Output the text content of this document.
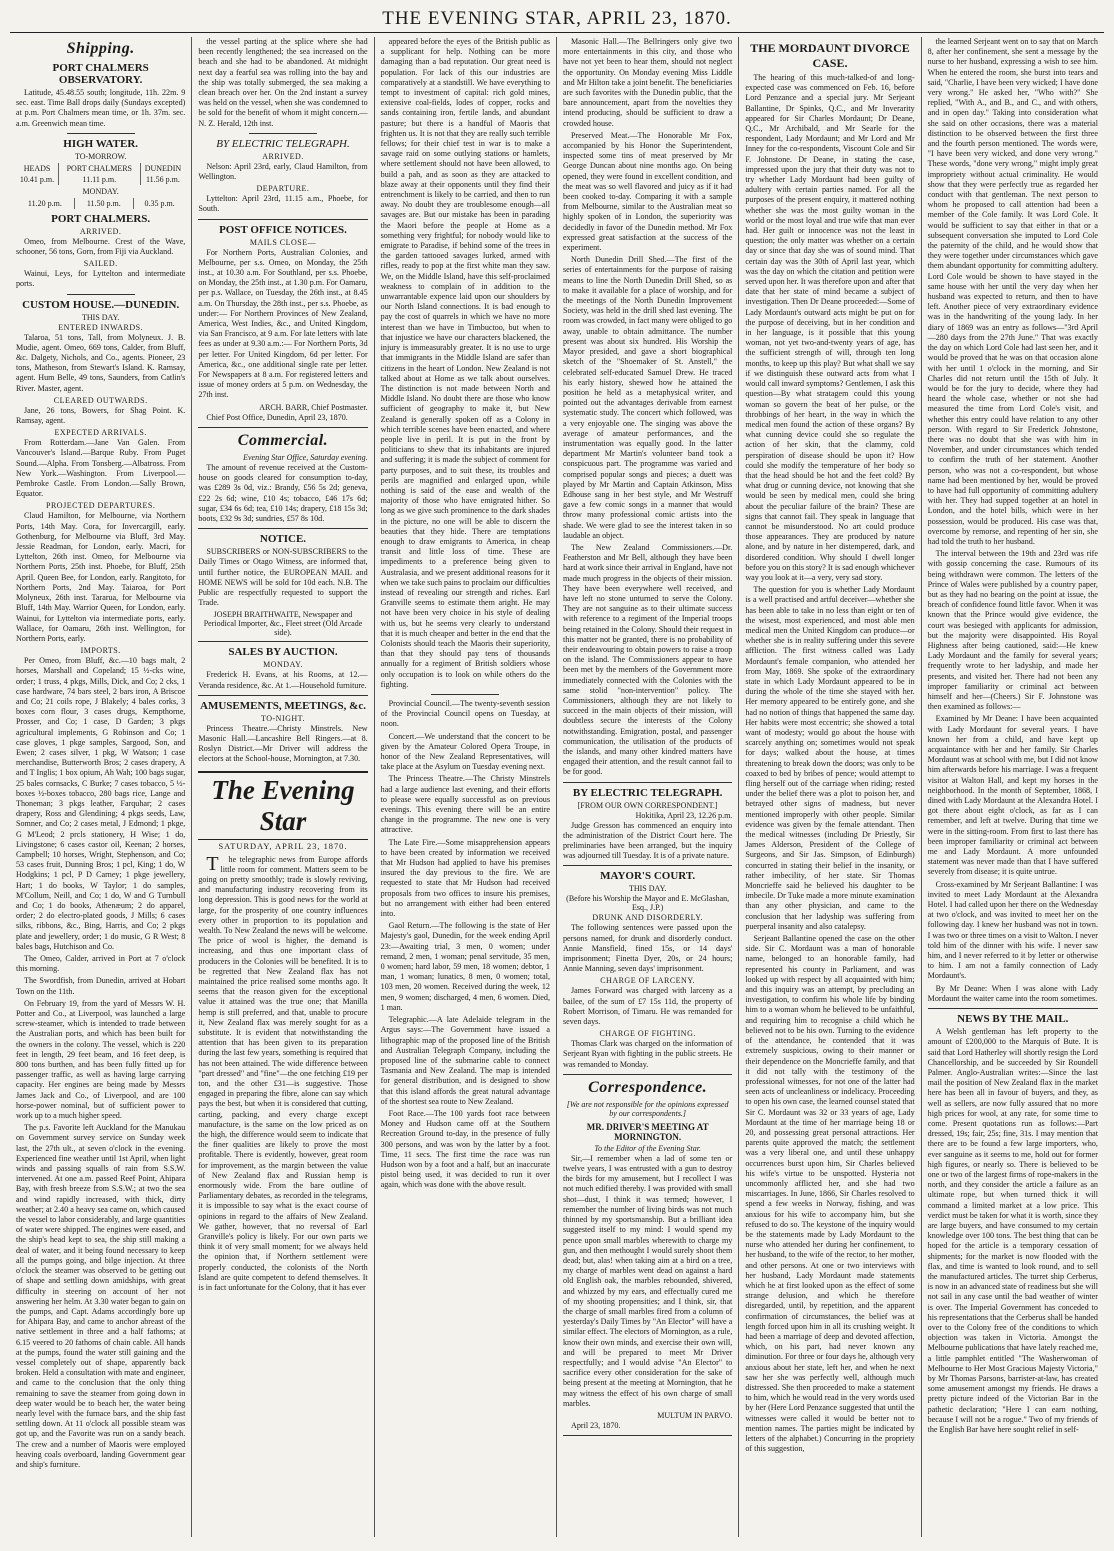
THE EVENING STAR, APRIL 23, 1870.
Shipping.
PORT CHALMERS OBSERVATORY.

Latitude, 45.48.55 south; longitude, 11h. 22m. 9 sec. east. Time Ball drops daily (Sundays excepted) at p.m. Port Chalmers mean time, or 1h. 37m. sec. a.m. Greenwich mean time.

HIGH WATER.
TO-MORROW.
HEADS	PORT CHALMERS	DUNEDIN
10.41 p.m.	11.11 p.m.	11.56 p.m.
MONDAY.
11.20 p.m.	11.50 p.m.	0.35 p.m.
PORT CHALMERS.
ARRIVED.

Omeo, from Melbourne. Crest of the Wave, schooner, 56 tons, Gorn, from Fiji via Auckland.

SAILED.

Wainui, Leys, for Lyttelton and intermediate ports.

CUSTOM HOUSE.—DUNEDIN.
THIS DAY.
ENTERED INWARDS.

Talaroa, 51 tons, Tall, from Molyneux. J. B. Mudie, agent. Omeo, 669 tons, Calder, from Bluff, &c. Dalgety, Nichols, and Co., agents. Pioneer, 23 tons, Matheson, from Stewart's Island. K. Ramsay, agent. Hum Belle, 49 tons, Saunders, from Catlin's River. Master, agent.

CLEARED OUTWARDS.

Jane, 26 tons, Bowers, for Shag Point. K. Ramsay, agent.

EXPECTED ARRIVALS.

From Rotterdam.—Jane Van Galen. From Vancouver's Island.—Barque Ruby. From Puget Sound.—Alpha. From Tonsberg.—Albatross. From New York.—Washington. From Liverpool.—Pembroke Castle. From London.—Sally Brown, Equator.

PROJECTED DEPARTURES.

Claud Hamilton, for Melbourne, via Northern Ports, 14th May. Cora, for Invercargill, early. Gothenburg, for Melbourne via Bluff, 3rd May. Jessie Readman, for London, early. Macri, for Lyttelton, 26th inst. Omeo, for Melbourne via Northern Ports, 25th inst. Phoebe, for Bluff, 25th April. Queen Bee, for London, early. Rangitoto, for Northern Ports, 2nd May. Taiaroa, for Port Molyneux, 26th inst. Tararua, for Melbourne via Bluff, 14th May. Warrior Queen, for London, early. Wainui, for Lyttelton via intermediate ports, early. Wallace, for Oamaru, 26th inst. Wellington, for Northern Ports, early.

IMPORTS.

Per Omeo, from Bluff, &c.—10 bags malt, 2 horses, Marshall and Copeland; 15 ½-cks wine, order; 1 truss, 4 pkgs, Mills, Dick, and Co; 2 cks, 1 case hardware, 74 bars steel, 2 bars iron, A Briscoe and Co; 21 coils rope, J Blakely; 4 bales corks, 3 boxes corn flour, 3 cases drugs, Kempthorne, Prosser, and Co; 1 case, D Garden; 3 pkgs agricultural implements, G Robinson and Co; 1 case gloves, 1 pkge samples, Sargood, Son, and Ewen; 2 cases silver, 1 pkg, W Watson; 1 case merchandise, Butterworth Bros; 2 cases drapery, A and T Inglis; 1 box opium, Ah Wah; 100 bags sugar, 25 bales cornsacks, C Burke; 7 cases tobacco, 5 ½-boxes ½-boxes tobacco, 280 bags rice, Lange and Thoneman; 3 pkgs leather, Farquhar; 2 cases drapery, Ross and Glendining; 4 pkgs seeds, Law, Somner, and Co; 2 cases metal, J Edmond; 1 pkge, G M'Leod; 2 prcls stationery, H Wise; 1 do, Livingstone; 6 cases castor oil, Keenan; 2 horses, Campbell; 10 horses, Wright, Stephenson, and Co; 53 cases fruit, Dunning Bros; 1 pcl, King; 1 do, W Hodgkins; 1 pcl, P D Carney; 1 pkge jewellery, Hart; 1 do books, W Taylor; 1 do samples, M'Collum, Neill, and Co; 1 do, W and G Turnbull and Co; 1 do books, Athenæum; 2 do apparel, order; 2 do electro-plated goods, J Mills; 6 cases silks, ribbons, &c., Bing, Harris, and Co; 2 pkgs plate and jewellery, order; 1 do music, G R West; 8 bales bags, Hutchison and Co.

The Omeo, Calder, arrived in Port at 7 o'clock this morning.

The Swordfish, from Dunedin, arrived at Hobart Town on the 11th.

On February 19, from the yard of Messrs W. H. Potter and Co., at Liverpool, was launched a large screw-steamer, which is intended to trade between the Australian ports, and which has been built for the owners in the colony. The vessel, which is 220 feet in length, 29 feet beam, and 16 feet deep, is 800 tons burthen, and has been fully fitted up for passenger traffic, as well as having large carrying capacity. Her engines are being made by Messrs James Jack and Co., of Liverpool, and are 100 horse-power nominal, but of sufficient power to work up to a much higher speed.

The p.s. Favorite left Auckland for the Manukau on Government survey service on Sunday week last, the 27th ult., at seven o'clock in the evening. Experienced fine weather until 1st April, when light winds and passing squalls of rain from S.S.W. intervened. At one a.m. passed Reef Point, Ahipara Bay, with fresh breeze from S.S.W.; at two the sea and wind rapidly increased, with thick, dirty weather; at 2.40 a heavy sea came on, which caused the vessel to labor considerably, and large quantities of water were shipped. The engines were eased, and the ship's head kept to sea, the ship still making a deal of water, and it being found necessary to keep all the pumps going, and bilge injection. At three o'clock the steamer was observed to be getting out of shape and settling down amidships, with great difficulty in steering on account of her not answering her helm. At 3.30 water began to gain on the pumps, and Capt. Adams accordingly bore up for Ahipara Bay, and came to anchor abreast of the native settlement in three and a half fathoms; at 6.15 veered to 20 fathoms of chain cable. All hands at the pumps, found the water still gaining and the vessel completely out of shape, apparently back broken. Held a consultation with mate and engineer, and came to the conclusion that the only thing remaining to save the steamer from going down in deep water would be to beach her, the water being nearly level with the furnace bars, and the ship fast settling down. At 11 o'clock all possible steam was got up, and the Favorite was run on a sandy beach. The crew and a number of Maoris were employed heaving coals overboard, landing Government gear and ship's furniture.

the vessel parting at the splice where she had been recently lengthened; the sea increased on the beach and she had to be abandoned. At midnight next day a fearful sea was rolling into the bay and the ship was totally submerged, the sea making a clean breach over her. On the 2nd instant a survey was held on the vessel, when she was condemned to be sold for the benefit of whom it might concern.—N. Z. Herald, 12th inst.

BY ELECTRIC TELEGRAPH.
ARRIVED.

Nelson: April 23rd, early, Claud Hamilton, from Wellington.

DEPARTURE.

Lyttelton: April 23rd, 11.15 a.m., Phoebe, for South.

POST OFFICE NOTICES.
MAILS CLOSE—

For Northern Ports, Australian Colonies, and Melbourne, per s.s. Omeo, on Monday, the 25th inst., at 10.30 a.m. For Southland, per s.s. Phoebe, on Monday, the 25th inst., at 1.30 p.m. For Oamaru, per p.s. Wallace, on Tuesday, the 26th inst., at 8.45 a.m. On Thursday, the 28th inst., per s.s. Phoebe, as under:— For Northern Provinces of New Zealand, America, West Indies, &c., and United Kingdom, via San Francisco, at 9 a.m. For late letters with late fees as under at 9.30 a.m.:— For Northern Ports, 3d per letter. For United Kingdom, 6d per letter. For America, &c., one additional single rate per letter. For Newspapers at 8 a.m. For registered letters and issue of money orders at 5 p.m. on Wednesday, the 27th inst.

ARCH. BARR, Chief Postmaster.

Chief Post Office, Dunedin, April 23, 1870.

Commercial.
Evening Star Office, Saturday evening.

The amount of revenue received at the Custom-house on goods cleared for consumption to-day, was £289 3s 0d, viz.: Brandy, £56 5s 2d; geneva, £22 2s 6d; wine, £10 4s; tobacco, £46 17s 6d; sugar, £34 6s 6d; tea, £10 14s; drapery, £18 15s 3d; boots, £32 9s 3d; sundries, £57 8s 10d.

NOTICE.

SUBSCRIBERS or NON-SUBSCRIBERS to the Daily Times or Otago Witness, are informed that, until further notice, the EUROPEAN MAIL and HOME NEWS will be sold for 10d each. N.B. The Public are respectfully requested to support the Trade.

JOSEPH BRAITHWAITE, Newspaper and Periodical Importer, &c., Fleet street (Old Arcade side).
SALES BY AUCTION.
MONDAY.

Frederick H. Evans, at his Rooms, at 12.—Veranda residence, &c. At 1.—Household furniture.

AMUSEMENTS, MEETINGS, &c.
TO-NIGHT.

Princess Theatre.—Christy Minstrels. New Masonic Hall.—Lancashire Bell Ringers.—at 8. Roslyn District.—Mr Driver will address the electors at the School-house, Mornington, at 7.30.

The Evening Star
SATURDAY, APRIL 23, 1870.

The telegraphic news from Europe affords little room for comment. Matters seem to be going on pretty smoothly; trade is slowly reviving, and manufacturing industry recovering from its long depression. This is good news for the world at large, for the prosperity of one country influences every other in proportion to its population and wealth. To New Zealand the news will be welcome. The price of wool is higher, the demand is increasing, and thus one important class of producers in the Colonies will be benefited. It is to be regretted that New Zealand flax has not maintained the price realised some months ago. It seems that the reason given for the exceptional value it attained was the true one; that Manilla hemp is still preferred, and that, unable to procure it, New Zealand flax was merely sought for as a substitute. It is evident that notwithstanding the attention that has been given to its preparation during the last few years, something is required that has not been attained. The wide difference between "part dressed" and "fine"—the one fetching £19 per ton, and the other £31—is suggestive. Those engaged in preparing the fibre, alone can say which pays the best, but when it is considered that cutting, carting, packing, and every charge except manufacture, is the same on the low priced as on the high, the difference would seem to indicate that the finer qualities are likely to prove the most profitable. There is evidently, however, great room for improvement, as the margin between the value of New Zealand flax and Russian hemp is enormously wide. From the bare outline of Parliamentary debates, as recorded in the telegrams, it is impossible to say what is the exact course of opinions in regard to the affairs of New Zealand. We gather, however, that no reversal of Earl Granville's policy is likely. For our own parts we think it of very small moment; for we always held the opinion that, if Northern settlement were properly conducted, the colonists of the North Island are quite competent to defend themselves. It is in fact unfortunate for the Colony, that it has ever

appeared before the eyes of the British public as a supplicant for help. Nothing can be more damaging than a bad reputation. Our great need is population. For lack of this our industries are comparatively at a standstill. We have everything to tempt to investment of capital: rich gold mines, extensive coal-fields, lodes of copper, rocks and sands containing iron, fertile lands, and abundant pasture; but there is a handful of Maoris that frighten us. It is not that they are really such terrible fellows; for their chief test in war is to make a savage raid on some outlying stations or hamlets, where settlement should not have been allowed, to build a pah, and as soon as they are attacked to blaze away at their opponents until they find their entrenchment is likely to be carried, and then to run away. No doubt they are troublesome enough—all savages are. But our mistake has been in parading the Maori before the people at Home as a something very frightful; for nobody would like to emigrate to Paradise, if behind some of the trees in the garden tattooed savages lurked, armed with rifles, ready to pop at the first white man they saw. We, on the Middle Island, have this self-proclaimed weakness to complain of in addition to the unwarrantable expence laid upon our shoulders by our North Island connections. It is bad enough to pay the cost of quarrels in which we have no more interest than we have in Timbuctoo, but when to that injustice we have our characters blackened, the injury is immeasurably greater. It is no use to urge that immigrants in the Middle Island are safer than citizens in the heart of London. New Zealand is not talked about at Home as we talk about ourselves. The distinction is not made between North and Middle Island. No doubt there are those who know sufficient of geography to make it, but New Zealand is generally spoken off as a Colony in which terrible scenes have been enacted, and where people live in peril. It is put in the front by politicians to shew that its inhabitants are injured and suffering; it is made the subject of comment for party purposes, and to suit these, its troubles and perils are magnified and enlarged upon, while nothing is said of the ease and wealth of the majority of those who have emigrated hither. So long as we give such prominence to the dark shades in the picture, no one will be able to discern the beauties that they hide. There are temptations enough to draw emigrants to America, in cheap transit and little loss of time. These are impediments to a preference being given to Australasia, and we present additional reasons for it when we take such pains to proclaim our difficulties instead of revealing our strength and riches. Earl Granville seems to estimate them aright. He may not have been very choice in his style of dealing with us, but he seems very clearly to understand that it is much cheaper and better in the end that the Colonists should teach the Maoris their superiority, than that they should pay tens of thousands annually for a regiment of British soldiers whose only occupation is to look on while others do the fighting.

Provincial Council.—The twenty-seventh session of the Provincial Council opens on Tuesday, at noon.

Concert.—We understand that the concert to be given by the Amateur Colored Opera Troupe, in honor of the New Zealand Representatives, will take place at the Asylum on Tuesday evening next.

The Princess Theatre.—The Christy Minstrels had a large audience last evening, and their efforts to please were equally successful as on previous evenings. This evening there will be an entire change in the programme. The new one is very attractive.

The Late Fire.—Some misapprehension appears to have been created by information we received that Mr Hudson had applied to have his premises insured the day previous to the fire. We are requested to state that Mr Hudson had received proposals from two offices to insure his premises, but no arrangement with either had been entered into.

Gaol Return.—The following is the state of Her Majesty's gaol, Dunedin, for the week ending April 23:—Awaiting trial, 3 men, 0 women; under remand, 2 men, 1 woman; penal servitude, 35 men, 0 women; hard labor, 59 men, 18 women; debtor, 1 man, 1 woman; lunatics, 8 men, 0 women; total, 103 men, 20 women. Received during the week, 12 men, 9 women; discharged, 4 men, 6 women. Died, 1 man.

Telegraphic.—A late Adelaide telegram in the Argus says:—The Government have issued a lithographic map of the proposed line of the British and Australian Telegraph Company, including the proposed line of the submarine cable to connect Tasmania and New Zealand. The map is intended for general distribution, and is designed to show that this island affords the great natural advantage of the shortest sea route to New Zealand.

Foot Race.—The 100 yards foot race between Money and Hudson came off at the Southern Recreation Ground to-day, in the presence of fully 300 persons, and was won by the latter by a foot. Time, 11 secs. The first time the race was run Hudson won by a foot and a half, but an inaccurate pistol being used, it was decided to run it over again, which was done with the above result.

Masonic Hall.—The Bellringers only give two more entertainments in this city, and those who have not yet been to hear them, should not neglect the opportunity. On Monday evening Miss Liddle and Mr Hilton take a joint benefit. The beneficiaries are such favorites with the Dunedin public, that the bare announcement, apart from the novelties they intend producing, should be sufficient to draw a crowded house.

Preserved Meat.—The Honorable Mr Fox, accompanied by his Honor the Superintendent, inspected some tins of meat preserved by Mr George Duncan about nine months ago. On being opened, they were found in excellent condition, and the meat was so well flavored and juicy as if it had been cooked to-day. Comparing it with a sample from Melbourne, similar to the Australian meat so highly spoken of in London, the superiority was decidedly in favor of the Dunedin method. Mr Fox expressed great satisfaction at the success of the experiment.

North Dunedin Drill Shed.—The first of the series of entertainments for the purpose of raising means to line the North Dunedin Drill Shed, so as to make it available for a place of worship, and for the meetings of the North Dunedin Improvement Society, was held in the drill shed last evening. The room was crowded, in fact many were obliged to go away, unable to obtain admittance. The number present was about six hundred. His Worship the Mayor presided, and gave a short biographical sketch of the "Shoemaker of St. Anstell," the celebrated self-educated Samuel Drew. He traced his early history, shewed how he attained the position he held as a metaphysical writer, and pointed out the advantages derivable from earnest systematic study. The concert which followed, was a very enjoyable one. The singing was above the average of amateur performances, and the instrumentation was equally good. In the latter department Mr Martin's volunteer band took a conspicuous part. The programme was varied and comprised popular songs and pieces; a duett was played by Mr Martin and Captain Atkinson, Miss Edhouse sang in her best style, and Mr Westruff gave a few comic songs in a manner that would throw many professional comic artists into the shade. We were glad to see the interest taken in so laudable an object.

The New Zealand Commissioners.—Dr. Featherston and Mr Bell, although they have been hard at work since their arrival in England, have not made much progress in the objects of their mission. They have been everywhere well received, and have left no stone unturned to serve the Colony. They are not sanguine as to their ultimate success with reference to a regiment of the Imperial troops being retained in the Colony. Should their request in this matter not be granted, there is no probability of their endeavouring to obtain powers to raise a troop on the island. The Commissioners appear to have been met by the members of the Government more immediately connected with the Colonies with the same stolid "non-intervention" policy. The Commissioners, although they are not likely to succeed in the main objects of their mission, will doubtless secure the interests of the Colony notwithstanding. Emigration, postal, and passenger communication, the utilisation of the products of the islands, and many other kindred matters have engaged their attention, and the result cannot fail to be for good.

BY ELECTRIC TELEGRAPH.
[FROM OUR OWN CORRESPONDENT.]
Hokitika, April 23, 12.26 p.m.

Judge Gresson has commenced an enquiry into the administration of the District Court here. The preliminaries have been arranged, but the inquiry was adjourned till Tuesday. It is of a private nature.

MAYOR'S COURT.
THIS DAY.
(Before his Worship the Mayor and E. McGlashan, Esq., J.P.)
DRUNK AND DISORDERLY.

The following sentences were passed upon the persons named, for drunk and disorderly conduct. Annie Mansfield, fined 15s, or 14 days' imprisonment; Finetta Dyer, 20s, or 24 hours; Annie Manning, seven days' imprisonment.

CHARGE OF LARCENY.

James Forward was charged with larceny as a bailee, of the sum of £7 15s 11d, the property of Robert Morrison, of Timaru. He was remanded for seven days.

CHARGE OF FIGHTING.

Thomas Clark was charged on the information of Serjeant Ryan with fighting in the public streets. He was remanded to Monday.

Correspondence.
[We are not responsible for the opinions expressed by our correspondents.]
MR. DRIVER'S MEETING AT MORNINGTON.
To the Editor of the Evening Star.

Sir,—I remember when a lad of some ten or twelve years, I was entrusted with a gun to destroy the birds for my amusement, but I recollect I was not much edified thereby. I was provided with small shot—dust, I think it was termed; however, I remember the number of living birds was not much thinned by my sportsmanship. But a brilliant idea suggested itself to my mind: I would spend my pence upon small marbles wherewith to charge my gun, and then methought I would surely shoot them dead; but, alas! when taking aim at a bird on a tree, my charge of marbles went dead on against a hard old English oak, the marbles rebounded, shivered, and whizzed by my ears, and effectually cured me of my shooting propensities; and I think, sir, that the charge of small marbles fired from a column of yesterday's Daily Times by "An Elector" will have a similar effect. The electors of Mornington, as a rule, know their own minds, and exercise their own will, and will be prepared to meet Mr Driver respectfully; and I would advise "An Elector" to sacrifice every other consideration for the sake of being present at the meeting at Mornington, that he may witness the effect of his own charge of small marbles.

MULTUM IN PARVO.

April 23, 1870.

THE MORDAUNT DIVORCE CASE.

The hearing of this much-talked-of and long-expected case was commenced on Feb. 16, before Lord Penzance and a special jury. Mr Serjeant Ballantine, Dr Spinks, Q.C., and Mr Inverarity appeared for Sir Charles Mordaunt; Dr Deane, Q.C., Mr Archibald, and Mr Searle for the respondent, Lady Mordaunt; and Mr Lord and Mr Inney for the co-respondents, Viscount Cole and Sir F. Johnstone. Dr Deane, in stating the case, impressed upon the jury that their duty was not to try whether Lady Mordaunt had been guilty of adultery with certain parties named. For all the purposes of the present enquiry, it mattered nothing whether she was the most guilty woman in the world or the most loyal and true wife that man ever had. Her guilt or innocence was not the least in question; the only matter was whether on a certain day or since that day she was of sound mind. That certain day was the 30th of April last year, which was the day on which the citation and petition were served upon her. It was therefore upon and after that date that her state of mind became a subject of investigation. Then Dr Deane proceeded:—Some of Lady Mordaunt's outward acts might be put on for the purpose of deceiving, but in her condition and in her language, is it possible that this young woman, not yet two-and-twenty years of age, has the sufficient strength of will, through ten long months, to keep up this play? But what shall we say if we distinguish these outward acts from what I would call inward symptoms? Gentlemen, I ask this question—By what stratagem could this young woman so govern the beat of her pulse, or the throbbings of her heart, in the way in which the medical men found the action of these organs? By what cunning device could she so regulate the action of her skin, that the clammy, cold perspiration of disease should be upon it? How could she modify the temperature of her body so that the head should be hot and the feet cold? By what drug or cunning device, not knowing that she would be seen by medical men, could she bring about the peculiar failure of the brain? These are signs that cannot fail. They speak in language that cannot be misunderstood. No art could produce those appearances. They are produced by nature alone, and by nature in her distempered, dark, and disordered condition. Why should I dwell longer before you on this story? It is sad enough whichever way you look at it—a very, very sad story.

The question for you is whether Lady Mordaunt is a well practised and artful deceiver—whether she has been able to take in no less than eight or ten of the wisest, most experienced, and most able men medical men the United Kingdom can produce—or whether she is in reality suffering under this severe affliction. The first witness called was Lady Mordaunt's female companion, who attended her from May, 1869. She spoke of the extraordinary state in which Lady Mordaunt appeared to be in during the whole of the time she stayed with her. Her memory appeared to be entirely gone, and she had no notion of things that happened the same day. Her habits were most eccentric; she showed a total want of modesty; would go about the house with scarcely anything on; sometimes would not speak for days; walked about the house, at times threatening to break down the doors; was only to be coaxed to bed by bribes of pence; would attempt to fling herself out of the carriage when riding; rested under the belief there was a plot to poison her, and betrayed other signs of madness, but never mentioned improperly with other people. Similar evidence was given by the female attendant. Then the medical witnesses (including Dr Priestly, Sir James Alderson, President of the College of Surgeons, and Sir Jas. Simpson, of Edinburgh) concurred in stating their belief in the insanity, or rather imbecility, of her state. Sir Thomas Moncrieffe said he believed his daughter to be imbecile. Dr Tuke made a more minute examination than any other physician, and came to the conclusion that her ladyship was suffering from puerperal insanity and also catalepsy.

Serjeant Ballantine opened the case on the other side. Sir C. Mordaunt was a man of honorable name, belonged to an honorable family, had represented his county in Parliament, and was looked up with respect by all acquainted with him; and this inquiry was an attempt, by precluding an investigation, to confirm his whole life by binding him to a woman whom he believed to be unfaithful, and requiring him to recognise a child which he believed not to be his own. Turning to the evidence of the attendance, he contended that it was extremely suspicious, owing to their manner or their dependence on the Moncrieffe family, and that it did not tally with the testimony of the professional witnesses, for not one of the latter had seen acts of uncleanliness or indelicacy. Proceeding to open his own case, the learned counsel stated that Sir C. Mordaunt was 32 or 33 years of age, Lady Mordaunt at the time of her marriage being 18 or 20, and possessing great personal attractions. Her parents quite approved the match; the settlement was a very liberal one, and until these unhappy occurrences burst upon him, Sir Charles believed his wife's virtue to be unspotted. Hysteria not uncommonly afflicted her, and she had two miscarriages. In June, 1866, Sir Charles resolved to spend a few weeks in Norway, fishing, and was anxious for his wife to accompany him, but she refused to do so. The keystone of the inquiry would be the statements made by Lady Mordaunt to the nurse who attended her during her confinement, to her husband, to the wife of the rector, to her mother, and other persons. At one or two interviews with her husband, Lady Mordaunt made statements which he at first looked upon as the effect of some strange delusion, and which he therefore disregarded, until, by repetition, and the apparent confirmation of circumstances, the belief was at length forced upon him in all its crushing weight. It had been a marriage of deep and devoted affection, which, on his part, had never known any diminution. For three or four days he, although very anxious about her state, left her, and when he next saw her she was perfectly well, although much distressed. She then proceeded to make a statement to him, which he would read in the very words used by her (Here Lord Penzance suggested that until the witnesses were called it would be better not to mention names. The parties might be indicated by letters of the alphabet.) Concurring in the propriety of this suggestion,

the learned Serjeant went on to say that on March 8, after her confinement, she sent a message by the nurse to her husband, expressing a wish to see him. When he entered the room, she burst into tears and said, "Charlie, I have been very wicked; I have done very wrong." He asked her, "Who with?" She replied, "With A., and B., and C., and with others, and in open day." Taking into consideration what she said on other occasions, there was a material distinction to be observed between the first three and the fourth person mentioned. The words were, "I have been very wicked, and done very wrong." These words, "done very wrong," might imply great impropriety without actual criminality. He would show that they were perfectly true as regarded her conduct with that gentleman. The next person to whom he proposed to call attention had been a member of the Cole family. It was Lord Cole. It would be sufficient to say that either in that or a subsequent conversation she imputed to Lord Cole the paternity of the child, and he would show that they were together under circumstances which gave them abundant opportunity for committing adultery. Lord Cole would be shown to have stayed in the same house with her until the very day when her husband was expected to return, and then to have left. Another piece of very extraordinary evidence was in the handwriting of the young lady. In her diary of 1869 was an entry as follows—"3rd April—280 days from the 27th June." That was exactly the day on which Lord Cole had last seen her, and it would be proved that he was on that occasion alone with her until 1 o'clock in the morning, and Sir Charles did not return until the 15th of July. It would be for the jury to decide, where they had heard the whole case, whether or not she had measured the time from Lord Cole's visit, and whether this entry could have relation to any other person. With regard to Sir Frederick Johnstone, there was no doubt that she was with him in November, and under circumstances which tended to confirm the truth of her statement. Another person, who was not a co-respondent, but whose name had been mentioned by her, would be proved to have had full opportunity of committing adultery with her. They had supped together at an hotel in London, and the hotel bills, which were in her possession, would be produced. His case was that, overcome by remorse, and repenting of her sin, she had told the truth to her husband.

The interval between the 19th and 23rd was rife with gossip concerning the case. Rumours of its being withdrawn were common. The letters of the Prince of Wales were published by a country paper, but as they had no bearing on the point at issue, the breach of confidence found little favor. When it was known that the Prince would give evidence, the court was besieged with applicants for admission, but the majority were disappointed. His Royal Highness after being cautioned, said:—He knew Lady Mordaunt and the family for several years; frequently wrote to her ladyship, and made her presents, and visited her. There had not been any improper familiarity or criminal act between himself and her—(Cheers.) Sir F. Johnstone was then examined as follows:—

Examined by Mr Deane: I have been acquainted with Lady Mordaunt for several years. I have known her from a child, and have kept up acquaintance with her and her family. Sir Charles Mordaunt was at school with me, but I did not know him afterwards before his marriage. I was a frequent visitor at Walton Hall, and kept my horses in the neighborhood. In the month of September, 1868, I dined with Lady Mordaunt at the Alexandra Hotel. I got there about eight o'clock, as far as I can remember, and left at twelve. During that time we were in the sitting-room. From first to last there has been improper familiarity or criminal act between me and Lady Mordaunt. A more unfounded statement was never made than that I have suffered severely from disease; it is quite untrue.

Cross-examined by Mr Serjeant Ballantine: I was invited to meet Lady Mordaunt at the Alexandra Hotel. I had called upon her there on the Wednesday at two o'clock, and was invited to meet her on the following day. I knew her husband was not in town. I was two or three times on a visit to Walton. I never told him of the dinner with his wife. I never saw him, and I never referred to it by letter or otherwise to him. I am not a family connection of Lady Mordaunt's.

By Mr Deane: When I was alone with Lady Mordaunt the waiter came into the room sometimes.

NEWS BY THE MAIL.

A Welsh gentleman has left property to the amount of £200,000 to the Marquis of Bute. It is said that Lord Hatherley will shortly resign the Lord Chancellorship, and be succeeded by Sir Roundell Palmer. Anglo-Australian writes:—Since the last mail the position of New Zealand flax in the market here has been all in favour of buyers, and they, as well as sellers, are now fully assured that no more high prices for wool, at any rate, for some time to come. Present quotations run as follows:—Part dressed, 19s; fair, 25s; fine, 31s. I may mention that there are to be found a few large importers, who, ever sanguine as it seems to me, hold out for former high figures, or nearly so. There is believed to be one or two of the largest firms of rope-makers in the north, and they consider the article a failure as an ultimate rope, but when turned thick it will command a limited market at a low price. This verdict must be taken for what it is worth, since they are large buyers, and have consumed to my certain knowledge over 100 tons. The best thing that can be hoped for the article is a temporary cessation of shipments; for the market is now flooded with the flax, and time is wanted to look round, and to sell the manufactured articles. The turret ship Cerberus, is now in an advanced state of readiness but she will not sail in any case until the bad weather of winter is over. The Imperial Government has conceded to his representations that the Cerberus shall be handed over to the Colony free of the conditions to which objection was taken in Victoria. Amongst the Melbourne publications that have lately reached me, a little pamphlet entitled "The Washerwoman of Melbourne to Her Most Gracious Majesty Victoria," by Mr Thomas Parsons, barrister-at-law, has created some amusement amongst my friends. He draws a pretty picture indeed of the Victorian Bar in the pathetic declaration; "Here I can earn nothing, because I will not be a rogue." Two of my friends of the English Bar have here sought relief in self-
